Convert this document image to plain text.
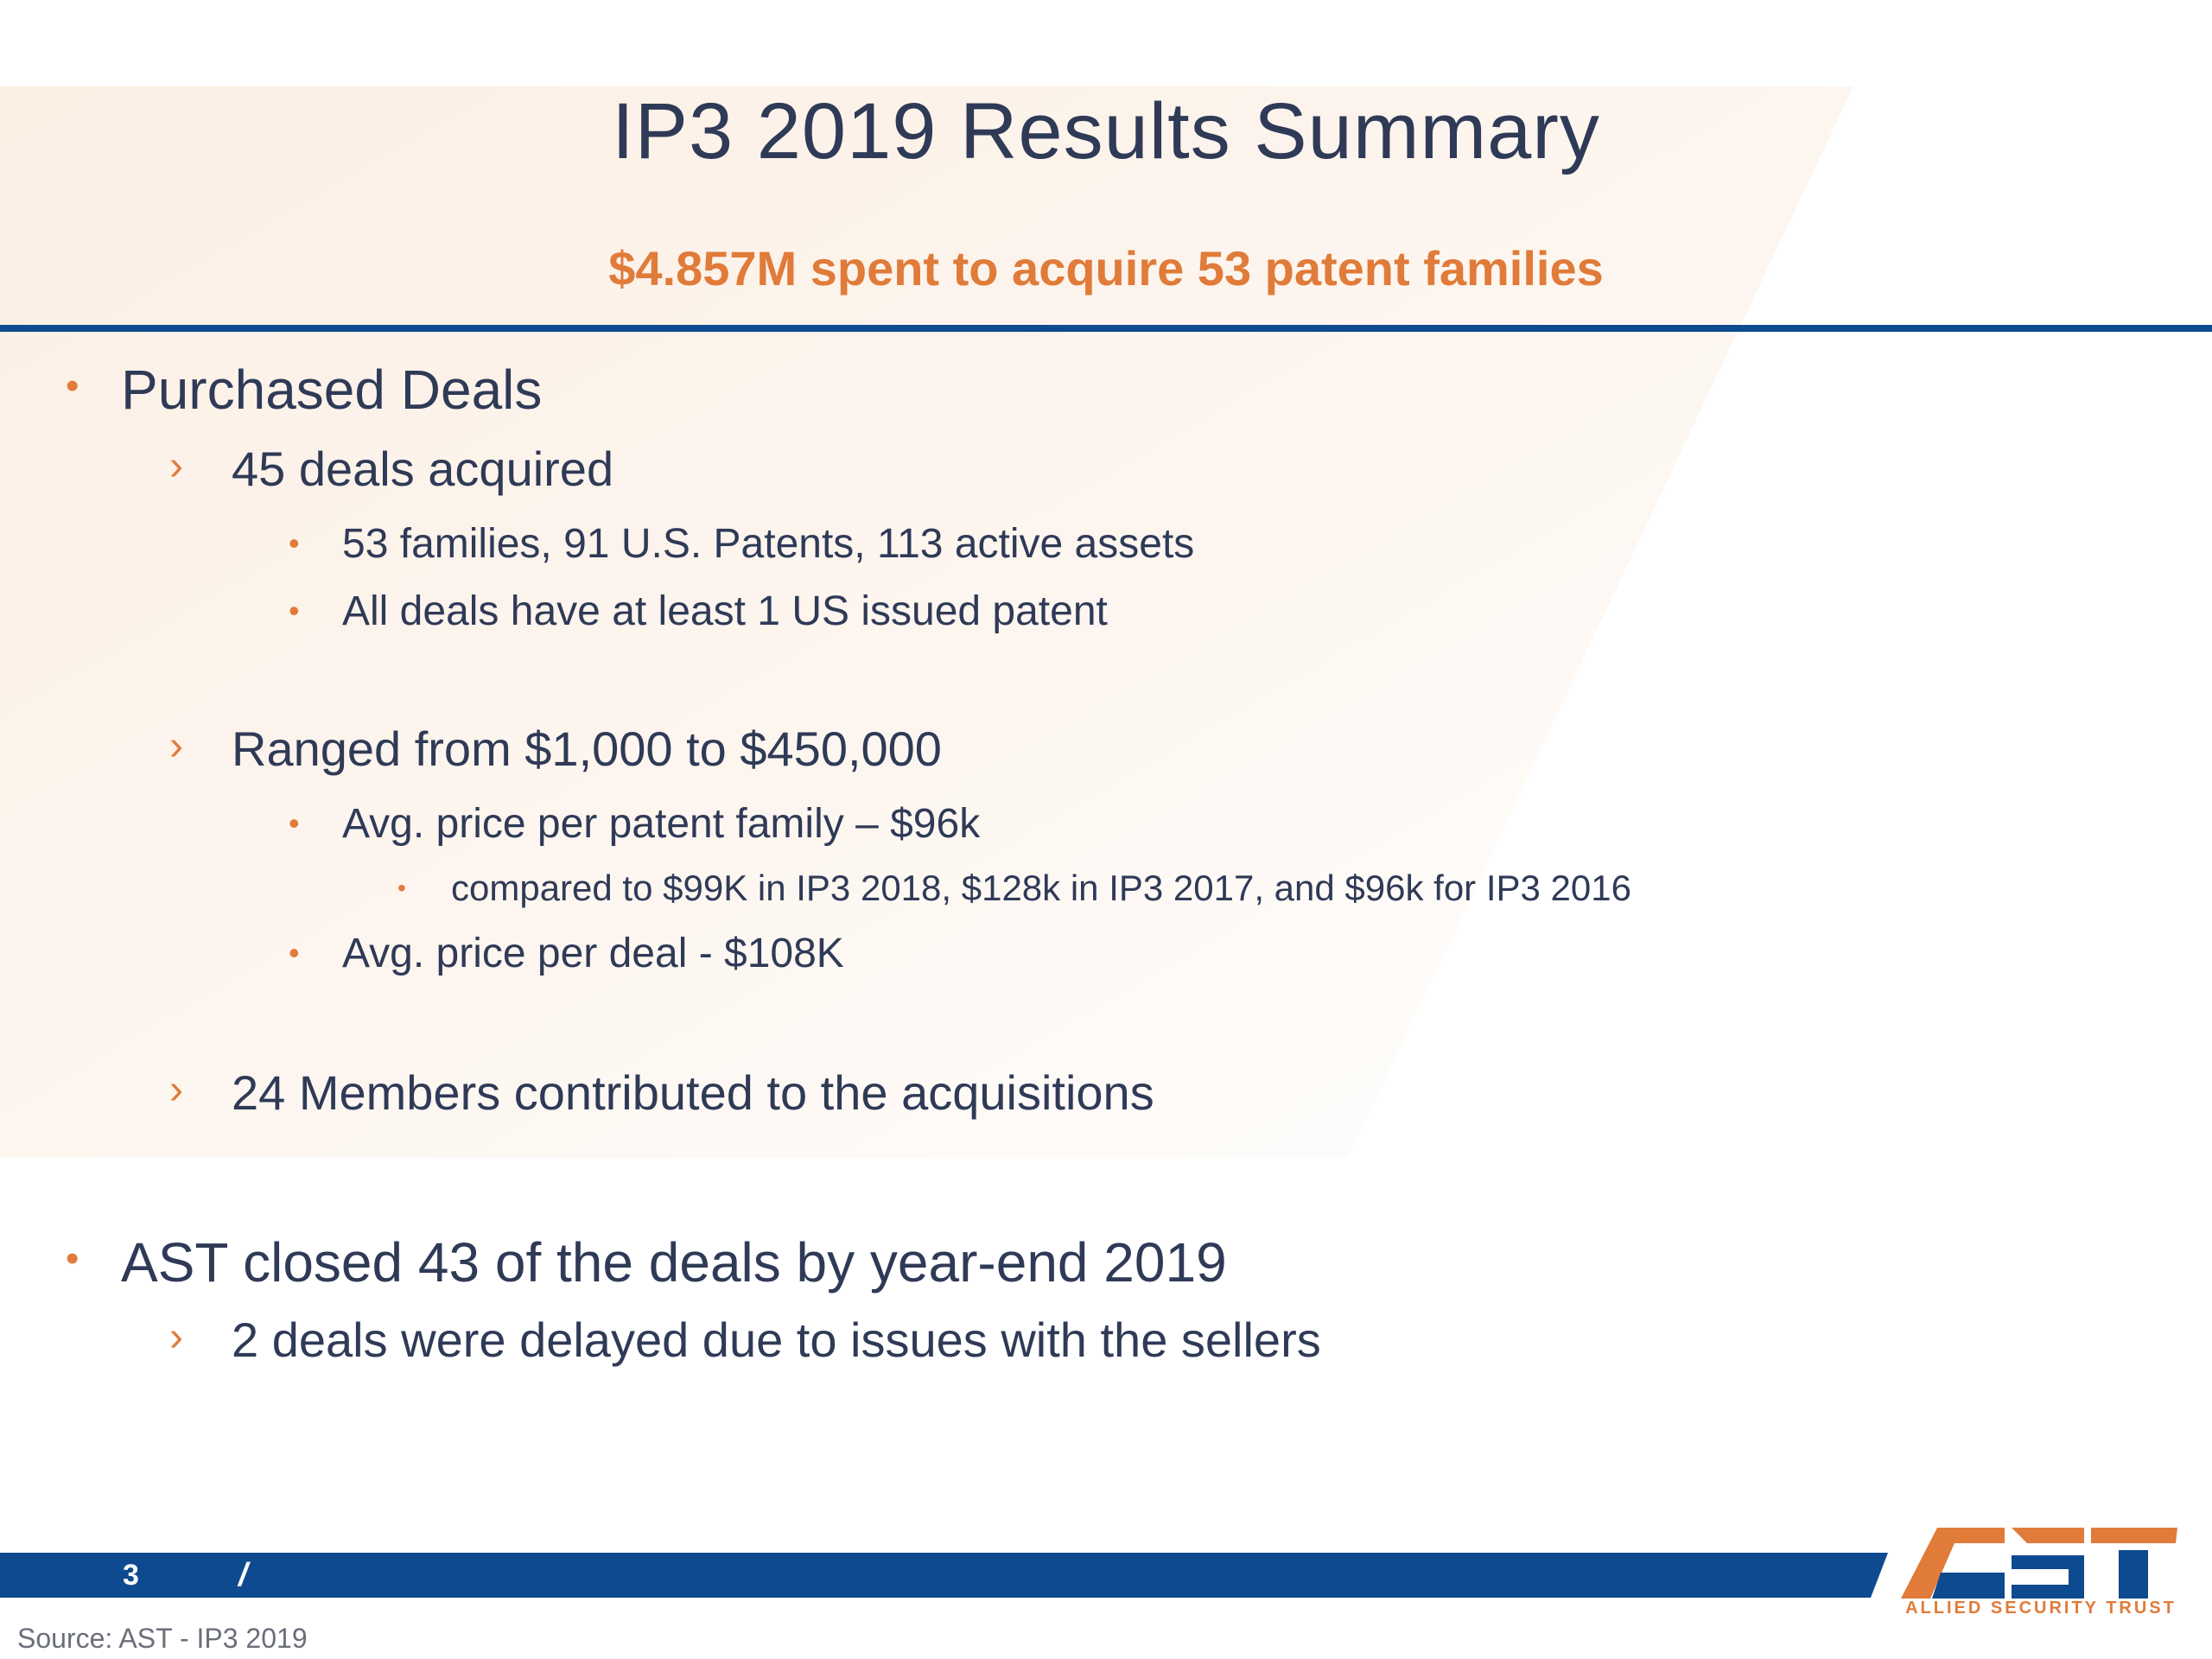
IP3 2019 Results Summary
$4.857M spent to acquire 53 patent families
• Purchased Deals
› 45 deals acquired
• 53 families, 91 U.S. Patents, 113 active assets
• All deals have at least 1 US issued patent
› Ranged from $1,000 to $450,000
• Avg. price per patent family – $96k
• compared to $99K in IP3 2018, $128k in IP3 2017, and $96k for IP3 2016
• Avg. price per deal - $108K
› 24 Members contributed to the acquisitions
• AST closed 43 of the deals by year-end 2019
› 2 deals were delayed due to issues with the sellers
3	/
Source: AST - IP3 2019
ALLIED SECURITY TRUST
